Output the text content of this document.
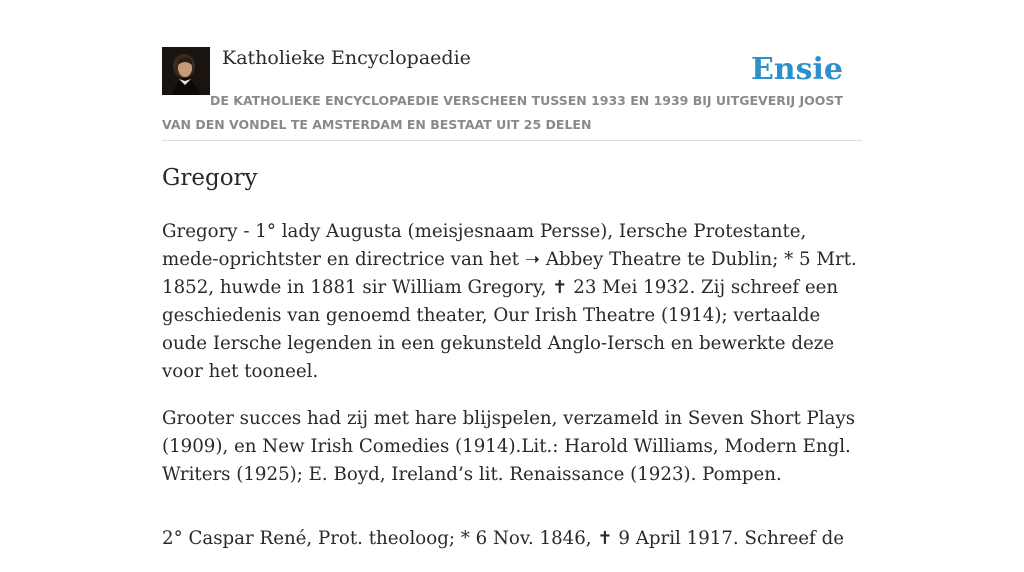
Katholieke Encyclopaedie	Ensie

DE KATHOLIEKE ENCYCLOPAEDIE VERSCHEEN TUSSEN 1933 EN 1939 BIJ UITGEVERIJ JOOST VAN DEN VONDEL TE AMSTERDAM EN BESTAAT UIT 25 DELEN

Gregory

Gregory - 1° lady Augusta (meisjesnaam Persse), Iersche Protestante, mede-oprichtster en directrice van het ➝ Abbey Theatre te Dublin; * 5 Mrt. 1852, huwde in 1881 sir William Gregory, ✝ 23 Mei 1932. Zij schreef een geschiedenis van genoemd theater, Our Irish Theatre (1914); vertaalde oude Iersche legenden in een gekunsteld Anglo-Iersch en bewerkte deze voor het tooneel.

Grooter succes had zij met hare blijspelen, verzameld in Seven Short Plays (1909), en New Irish Comedies (1914).Lit.: Harold Williams, Modern Engl. Writers (1925); E. Boyd, Ireland’s lit. Renaissance (1923). Pompen.

2° Caspar René, Prot. theoloog; * 6 Nov. 1846, ✝ 9 April 1917. Schreef de
